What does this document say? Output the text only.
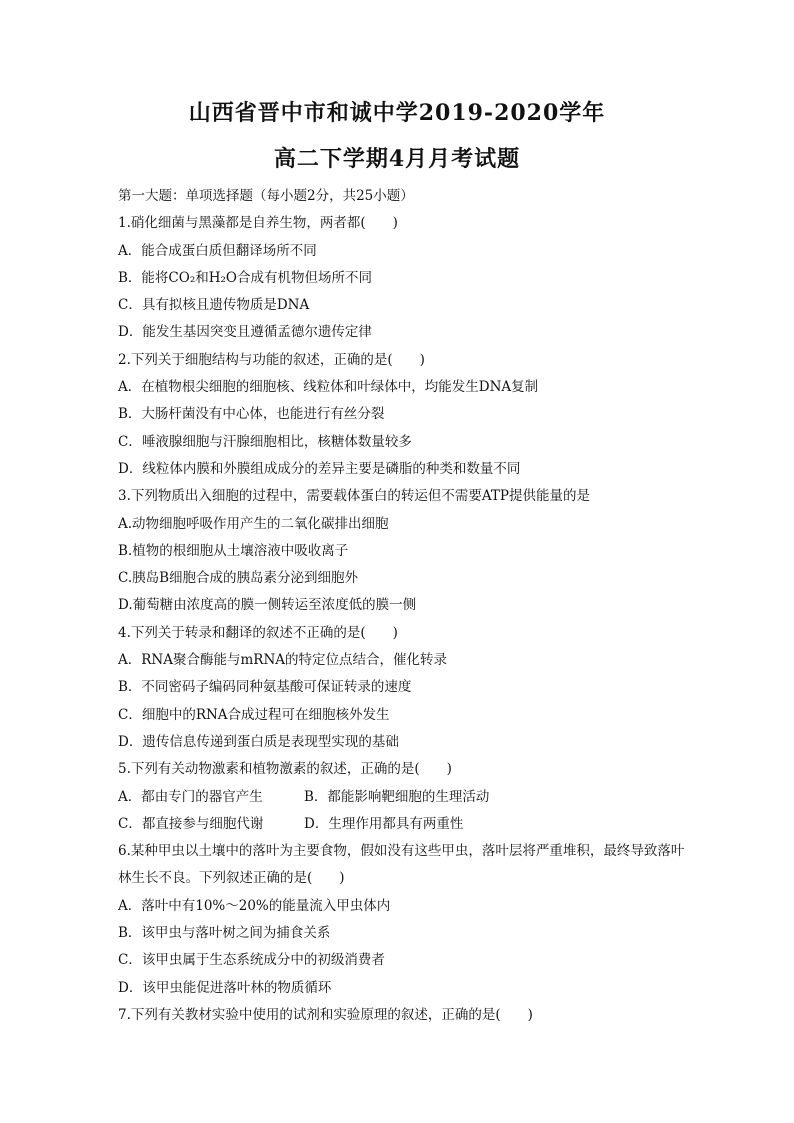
山西省晋中市和诚中学2019-2020学年
高二下学期4月月考试题
第一大题：单项选择题（每小题2分，共25小题）
1.硝化细菌与黑藻都是自养生物，两者都(　　)
A．能合成蛋白质但翻译场所不同
B．能将CO₂和H₂O合成有机物但场所不同
C．具有拟核且遗传物质是DNA
D．能发生基因突变且遵循孟德尔遗传定律
2.下列关于细胞结构与功能的叙述，正确的是(　　)
A．在植物根尖细胞的细胞核、线粒体和叶绿体中，均能发生DNA复制
B．大肠杆菌没有中心体，也能进行有丝分裂
C．唾液腺细胞与汗腺细胞相比，核糖体数量较多
D．线粒体内膜和外膜组成成分的差异主要是磷脂的种类和数量不同
3.下列物质出入细胞的过程中，需要载体蛋白的转运但不需要ATP提供能量的是
A.动物细胞呼吸作用产生的二氧化碳排出细胞
B.植物的根细胞从土壤溶液中吸收离子
C.胰岛B细胞合成的胰岛素分泌到细胞外
D.葡萄糖由浓度高的膜一侧转运至浓度低的膜一侧
4.下列关于转录和翻译的叙述不正确的是(　　)
A．RNA聚合酶能与mRNA的特定位点结合，催化转录
B．不同密码子编码同种氨基酸可保证转录的速度
C．细胞中的RNA合成过程可在细胞核外发生
D．遗传信息传递到蛋白质是表现型实现的基础
5.下列有关动物激素和植物激素的叙述，正确的是(　　)
A．都由专门的器官产生	B．都能影响靶细胞的生理活动
C．都直接参与细胞代谢	D．生理作用都具有两重性
6.某种甲虫以土壤中的落叶为主要食物，假如没有这些甲虫，落叶层将严重堆积，最终导致落叶林生长不良。下列叙述正确的是(　　)
A．落叶中有10%～20%的能量流入甲虫体内
B．该甲虫与落叶树之间为捕食关系
C．该甲虫属于生态系统成分中的初级消费者
D．该甲虫能促进落叶林的物质循环
7.下列有关教材实验中使用的试剂和实验原理的叙述，正确的是(　　)
